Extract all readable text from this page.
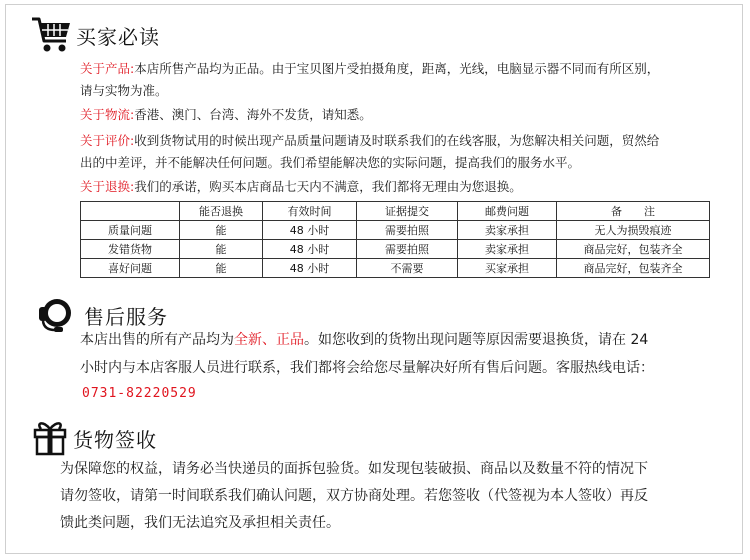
买家必读
关于产品:本店所售产品均为正品。由于宝贝图片受拍摄角度，距离，光线，电脑显示器不同而有所区别，
请与实物为准。
关于物流:香港、澳门、台湾、海外不发货，请知悉。
关于评价:收到货物试用的时候出现产品质量问题请及时联系我们的在线客服，为您解决相关问题，贸然给
出的中差评，并不能解决任何问题。我们希望能解决您的实际问题，提高我们的服务水平。
关于退换:我们的承诺，购买本店商品七天内不满意，我们都将无理由为您退换。
	能否退换	有效时间	证据提交	邮费问题	备　　注
质量问题	能	48 小时	需要拍照	卖家承担	无人为损毁痕迹
发错货物	能	48 小时	需要拍照	卖家承担	商品完好，包装齐全
喜好问题	能	48 小时	不需要	买家承担	商品完好，包装齐全
售后服务
本店出售的所有产品均为全新、正品。如您收到的货物出现问题等原因需要退换货，请在 24
小时内与本店客服人员进行联系，我们都将会给您尽量解决好所有售后问题。客服热线电话：
0731-82220529
货物签收
为保障您的权益，请务必当快递员的面拆包验货。如发现包装破损、商品以及数量不符的情况下
请勿签收，请第一时间联系我们确认问题，双方协商处理。若您签收（代签视为本人签收）再反
馈此类问题，我们无法追究及承担相关责任。
